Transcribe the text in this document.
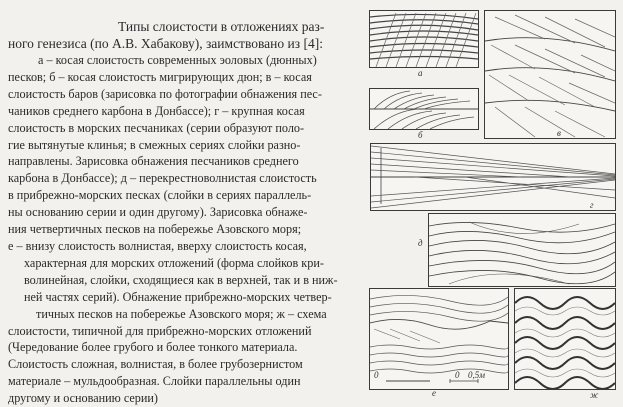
Типы слоистости в отложениях раз-
ного генезиса (по А.В. Хабакову), заимствовано из [4]:
а – косая слоистость современных эоловых (дюнных)
песков; б – косая слоистость мигрирующих дюн; в – косая
слоистость баров (зарисовка по фотографии обнажения пес-
чаников среднего карбона в Донбассе); г – крупная косая
слоистость в морских песчаниках (серии образуют поло-
гие вытянутые клинья; в смежных сериях слойки разно-
направлены. Зарисовка обнажения песчаников среднего
карбона в Донбассе); д – перекрестноволнистая слоистость
в прибрежно-морских песках (слойки в сериях параллель-
ны основанию серии и один другому). Зарисовка обнаже-
ния четвертичных песков на побережье Азовского моря;
е – внизу слоистость волнистая, вверху слоистость косая,
характерная для морских отложений (форма слойков кри-
волинейная, слойки, сходящиеся как в верхней, так и в ниж-
ней частях серий). Обнажение прибрежно-морских четвер-
тичных песков на побережье Азовского моря; ж – схема
слоистости, типичной для прибрежно-морских отложений
(Чередование более грубого и более тонкого материала.
Слоистость сложная, волнистая, в более грубозернистом
материале – мульдообразная. Слойки параллельны один
другому и основанию серии)
а
б	в
г
д
0	0 0,5м
е	ж
